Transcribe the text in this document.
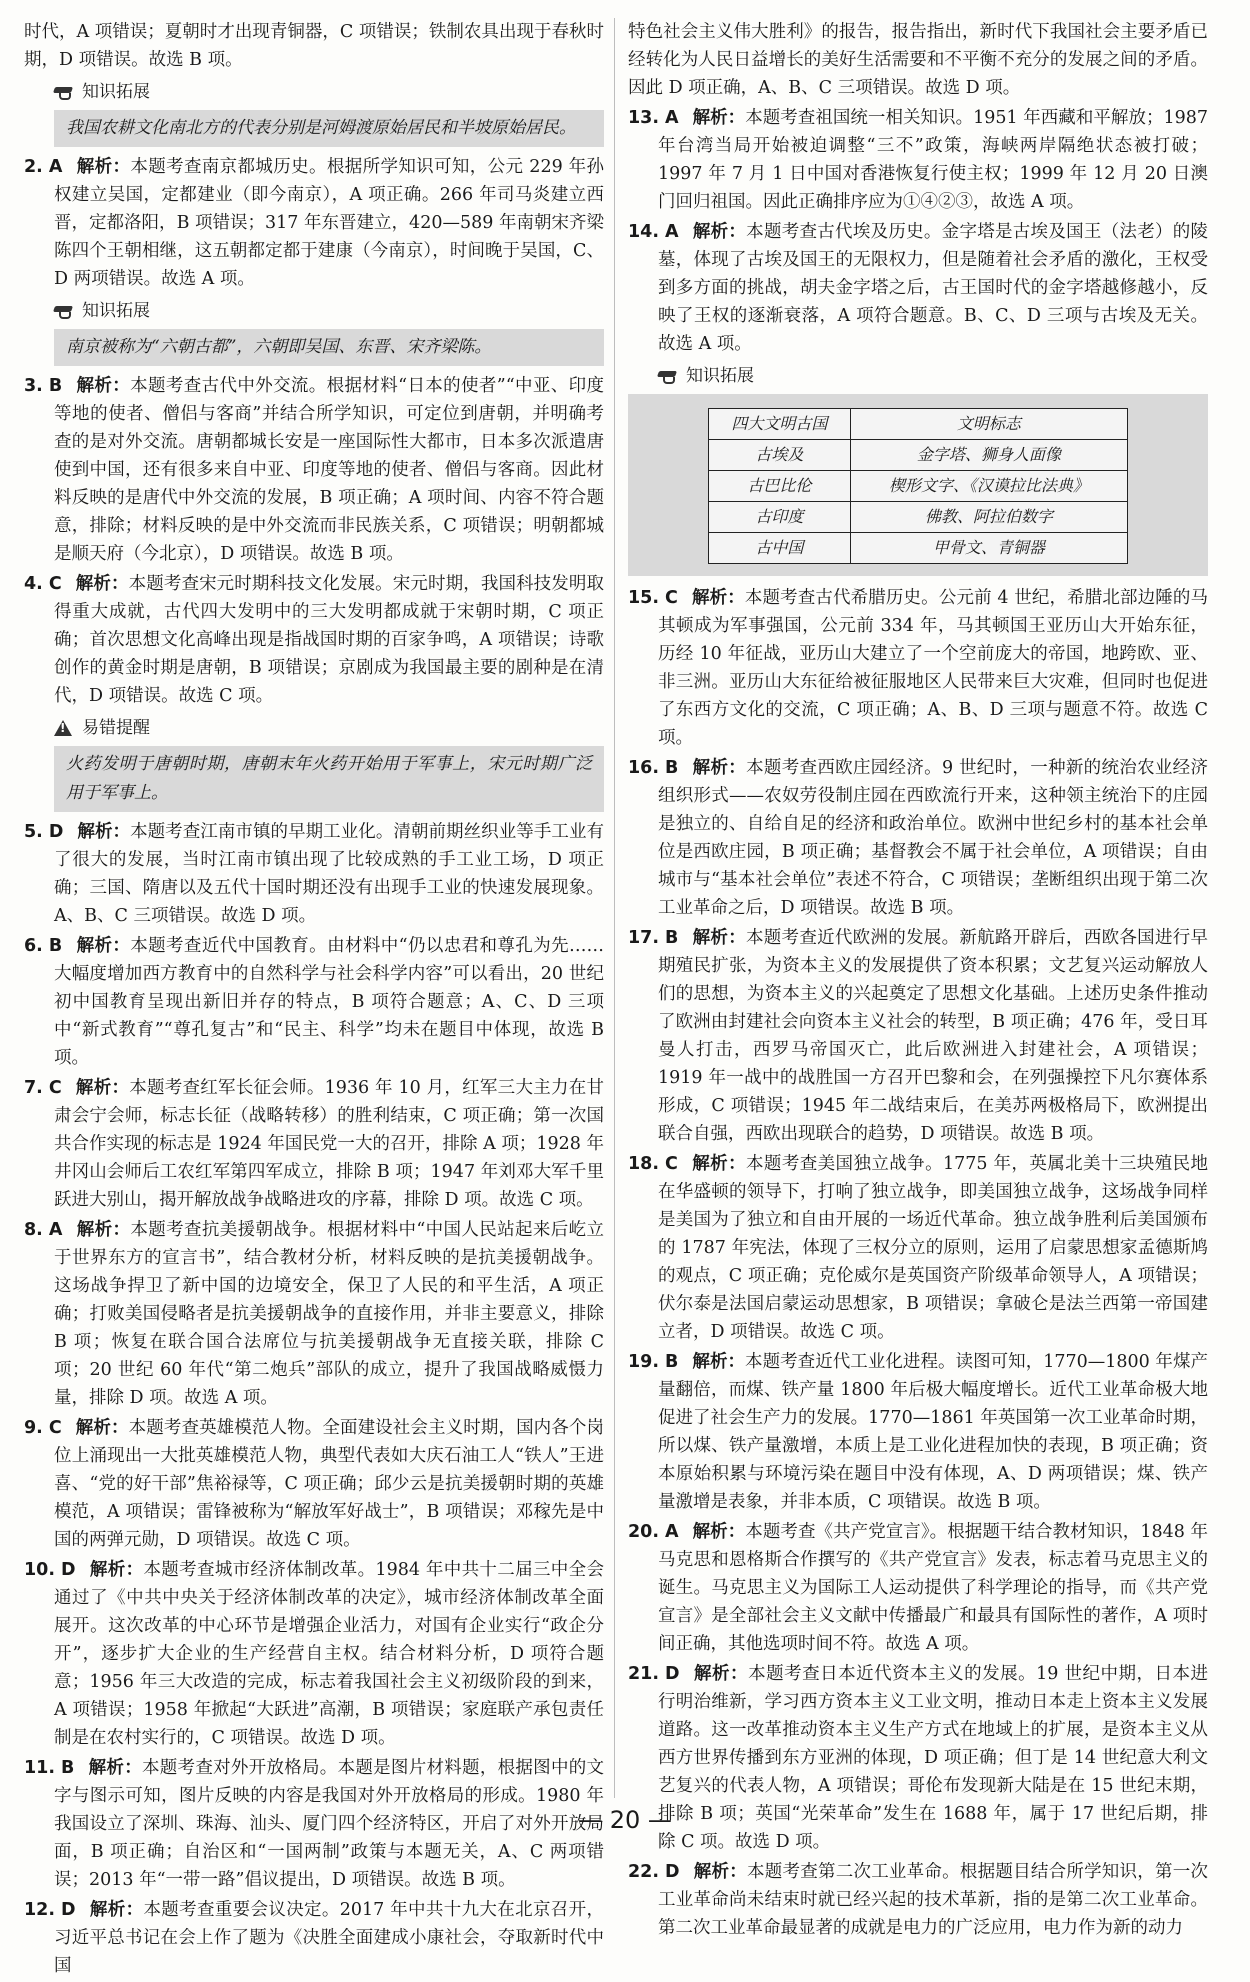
时代，A 项错误；夏朝时才出现青铜器，C 项错误；铁制农具出现于春秋时期，D 项错误。故选 B 项。

知识拓展
我国农耕文化南北方的代表分别是河姆渡原始居民和半坡原始居民。

2. A 解析：本题考查南京都城历史。根据所学知识可知，公元 229 年孙权建立吴国，定都建业（即今南京），A 项正确。266 年司马炎建立西晋，定都洛阳，B 项错误；317 年东晋建立，420—589 年南朝宋齐梁陈四个王朝相继，这五朝都定都于建康（今南京），时间晚于吴国，C、D 两项错误。故选 A 项。

知识拓展
南京被称为“六朝古都”，六朝即吴国、东晋、宋齐梁陈。

3. B 解析：本题考查古代中外交流。根据材料“日本的使者”“中亚、印度等地的使者、僧侣与客商”并结合所学知识，可定位到唐朝，并明确考查的是对外交流。唐朝都城长安是一座国际性大都市，日本多次派遣唐使到中国，还有很多来自中亚、印度等地的使者、僧侣与客商。因此材料反映的是唐代中外交流的发展，B 项正确；A 项时间、内容不符合题意，排除；材料反映的是中外交流而非民族关系，C 项错误；明朝都城是顺天府（今北京），D 项错误。故选 B 项。

4. C 解析：本题考查宋元时期科技文化发展。宋元时期，我国科技发明取得重大成就，古代四大发明中的三大发明都成就于宋朝时期，C 项正确；首次思想文化高峰出现是指战国时期的百家争鸣，A 项错误；诗歌创作的黄金时期是唐朝，B 项错误；京剧成为我国最主要的剧种是在清代，D 项错误。故选 C 项。

!
易错提醒
火药发明于唐朝时期，唐朝末年火药开始用于军事上，宋元时期广泛用于军事上。

5. D 解析：本题考查江南市镇的早期工业化。清朝前期丝织业等手工业有了很大的发展，当时江南市镇出现了比较成熟的手工业工场，D 项正确；三国、隋唐以及五代十国时期还没有出现手工业的快速发展现象。A、B、C 三项错误。故选 D 项。

6. B 解析：本题考查近代中国教育。由材料中“仍以忠君和尊孔为先……大幅度增加西方教育中的自然科学与社会科学内容”可以看出，20 世纪初中国教育呈现出新旧并存的特点，B 项符合题意；A、C、D 三项中“新式教育”“尊孔复古”和“民主、科学”均未在题目中体现，故选 B 项。

7. C 解析：本题考查红军长征会师。1936 年 10 月，红军三大主力在甘肃会宁会师，标志长征（战略转移）的胜利结束，C 项正确；第一次国共合作实现的标志是 1924 年国民党一大的召开，排除 A 项；1928 年井冈山会师后工农红军第四军成立，排除 B 项；1947 年刘邓大军千里跃进大别山，揭开解放战争战略进攻的序幕，排除 D 项。故选 C 项。

8. A 解析：本题考查抗美援朝战争。根据材料中“中国人民站起来后屹立于世界东方的宣言书”，结合教材分析，材料反映的是抗美援朝战争。这场战争捍卫了新中国的边境安全，保卫了人民的和平生活，A 项正确；打败美国侵略者是抗美援朝战争的直接作用，并非主要意义，排除 B 项；恢复在联合国合法席位与抗美援朝战争无直接关联，排除 C 项；20 世纪 60 年代“第二炮兵”部队的成立，提升了我国战略威慑力量，排除 D 项。故选 A 项。

9. C 解析：本题考查英雄模范人物。全面建设社会主义时期，国内各个岗位上涌现出一大批英雄模范人物，典型代表如大庆石油工人“铁人”王进喜、“党的好干部”焦裕禄等，C 项正确；邱少云是抗美援朝时期的英雄模范，A 项错误；雷锋被称为“解放军好战士”，B 项错误；邓稼先是中国的两弹元勋，D 项错误。故选 C 项。

10. D 解析：本题考查城市经济体制改革。1984 年中共十二届三中全会通过了《中共中央关于经济体制改革的决定》，城市经济体制改革全面展开。这次改革的中心环节是增强企业活力，对国有企业实行“政企分开”，逐步扩大企业的生产经营自主权。结合材料分析，D 项符合题意；1956 年三大改造的完成，标志着我国社会主义初级阶段的到来，A 项错误；1958 年掀起“大跃进”高潮，B 项错误；家庭联产承包责任制是在农村实行的，C 项错误。故选 D 项。

11. B 解析：本题考查对外开放格局。本题是图片材料题，根据图中的文字与图示可知，图片反映的内容是我国对外开放格局的形成。1980 年我国设立了深圳、珠海、汕头、厦门四个经济特区，开启了对外开放局面，B 项正确；自治区和“一国两制”政策与本题无关，A、C 两项错误；2013 年“一带一路”倡议提出，D 项错误。故选 B 项。

12. D 解析：本题考查重要会议决定。2017 年中共十九大在北京召开，习近平总书记在会上作了题为《决胜全面建成小康社会，夺取新时代中国

特色社会主义伟大胜利》的报告，报告指出，新时代下我国社会主要矛盾已经转化为人民日益增长的美好生活需要和不平衡不充分的发展之间的矛盾。因此 D 项正确，A、B、C 三项错误。故选 D 项。

13. A 解析：本题考查祖国统一相关知识。1951 年西藏和平解放；1987 年台湾当局开始被迫调整“三不”政策，海峡两岸隔绝状态被打破；1997 年 7 月 1 日中国对香港恢复行使主权；1999 年 12 月 20 日澳门回归祖国。因此正确排序应为①④②③，故选 A 项。

14. A 解析：本题考查古代埃及历史。金字塔是古埃及国王（法老）的陵墓，体现了古埃及国王的无限权力，但是随着社会矛盾的激化，王权受到多方面的挑战，胡夫金字塔之后，古王国时代的金字塔越修越小，反映了王权的逐渐衰落，A 项符合题意。B、C、D 三项与古埃及无关。故选 A 项。

知识拓展
四大文明古国	文明标志
古埃及	金字塔、狮身人面像
古巴比伦	楔形文字、《汉谟拉比法典》
古印度	佛教、阿拉伯数字
古中国	甲骨文、青铜器

15. C 解析：本题考查古代希腊历史。公元前 4 世纪，希腊北部边陲的马其顿成为军事强国，公元前 334 年，马其顿国王亚历山大开始东征，历经 10 年征战，亚历山大建立了一个空前庞大的帝国，地跨欧、亚、非三洲。亚历山大东征给被征服地区人民带来巨大灾难，但同时也促进了东西方文化的交流，C 项正确；A、B、D 三项与题意不符。故选 C 项。

16. B 解析：本题考查西欧庄园经济。9 世纪时，一种新的统治农业经济组织形式——农奴劳役制庄园在西欧流行开来，这种领主统治下的庄园是独立的、自给自足的经济和政治单位。欧洲中世纪乡村的基本社会单位是西欧庄园，B 项正确；基督教会不属于社会单位，A 项错误；自由城市与“基本社会单位”表述不符合，C 项错误；垄断组织出现于第二次工业革命之后，D 项错误。故选 B 项。

17. B 解析：本题考查近代欧洲的发展。新航路开辟后，西欧各国进行早期殖民扩张，为资本主义的发展提供了资本积累；文艺复兴运动解放人们的思想，为资本主义的兴起奠定了思想文化基础。上述历史条件推动了欧洲由封建社会向资本主义社会的转型，B 项正确；476 年，受日耳曼人打击，西罗马帝国灭亡，此后欧洲进入封建社会，A 项错误；1919 年一战中的战胜国一方召开巴黎和会，在列强操控下凡尔赛体系形成，C 项错误；1945 年二战结束后，在美苏两极格局下，欧洲提出联合自强，西欧出现联合的趋势，D 项错误。故选 B 项。

18. C 解析：本题考查美国独立战争。1775 年，英属北美十三块殖民地在华盛顿的领导下，打响了独立战争，即美国独立战争，这场战争同样是美国为了独立和自由开展的一场近代革命。独立战争胜利后美国颁布的 1787 年宪法，体现了三权分立的原则，运用了启蒙思想家孟德斯鸠的观点，C 项正确；克伦威尔是英国资产阶级革命领导人，A 项错误；伏尔泰是法国启蒙运动思想家，B 项错误；拿破仑是法兰西第一帝国建立者，D 项错误。故选 C 项。

19. B 解析：本题考查近代工业化进程。读图可知，1770—1800 年煤产量翻倍，而煤、铁产量 1800 年后极大幅度增长。近代工业革命极大地促进了社会生产力的发展。1770—1861 年英国第一次工业革命时期，所以煤、铁产量激增，本质上是工业化进程加快的表现，B 项正确；资本原始积累与环境污染在题目中没有体现，A、D 两项错误；煤、铁产量激增是表象，并非本质，C 项错误。故选 B 项。

20. A 解析：本题考查《共产党宣言》。根据题干结合教材知识，1848 年马克思和恩格斯合作撰写的《共产党宣言》发表，标志着马克思主义的诞生。马克思主义为国际工人运动提供了科学理论的指导，而《共产党宣言》是全部社会主义文献中传播最广和最具有国际性的著作，A 项时间正确，其他选项时间不符。故选 A 项。

21. D 解析：本题考查日本近代资本主义的发展。19 世纪中期，日本进行明治维新，学习西方资本主义工业文明，推动日本走上资本主义发展道路。这一改革推动资本主义生产方式在地域上的扩展，是资本主义从西方世界传播到东方亚洲的体现，D 项正确；但丁是 14 世纪意大利文艺复兴的代表人物，A 项错误；哥伦布发现新大陆是在 15 世纪末期，排除 B 项；英国“光荣革命”发生在 1688 年，属于 17 世纪后期，排除 C 项。故选 D 项。

22. D 解析：本题考查第二次工业革命。根据题目结合所学知识，第一次工业革命尚未结束时就已经兴起的技术革新，指的是第二次工业革命。第二次工业革命最显著的成就是电力的广泛应用，电力作为新的动力

— 20 —
